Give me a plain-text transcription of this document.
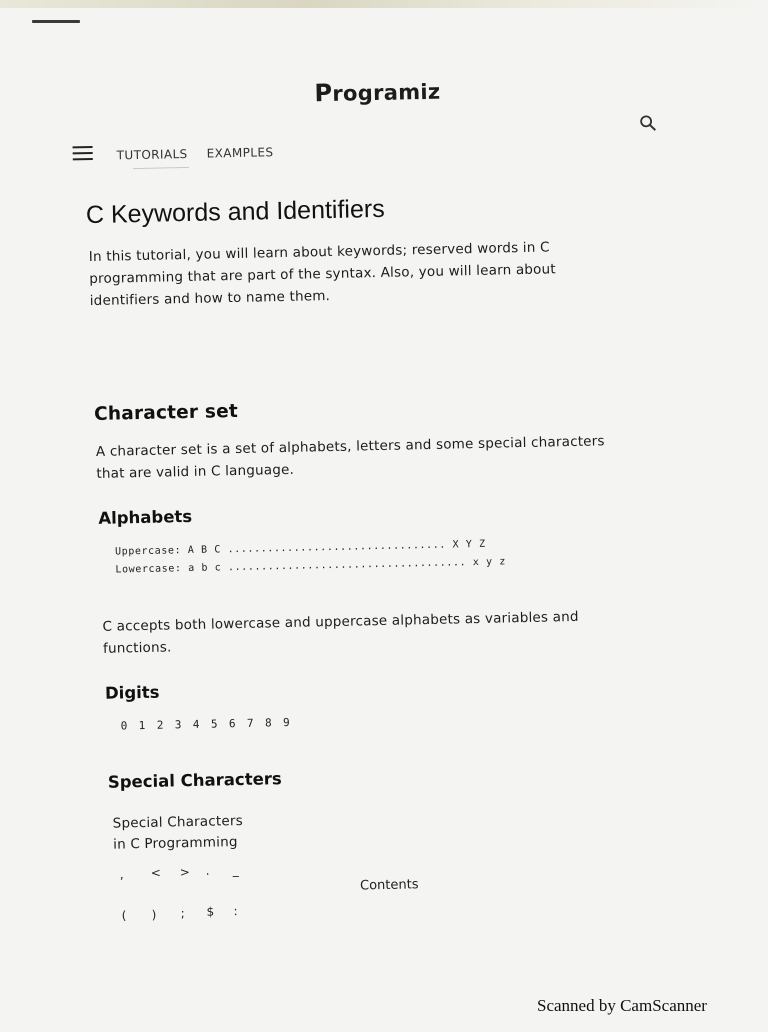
Programiz
TUTORIALS EXAMPLES
C Keywords and Identifiers
In this tutorial, you will learn about keywords; reserved words in C
programming that are part of the syntax. Also, you will learn about
identifiers and how to name them.
Character set
A character set is a set of alphabets, letters and some special characters
that are valid in C language.
Alphabets
Uppercase: A B C ................................. X Y Z
Lowercase: a b c .................................... x y z
C accepts both lowercase and uppercase alphabets as variables and
functions.
Digits
0 1 2 3 4 5 6 7 8 9
Special Characters
Special Characters
in C Programming
, < > . _
( ) ; $ :
Contents
Scanned by CamScanner
